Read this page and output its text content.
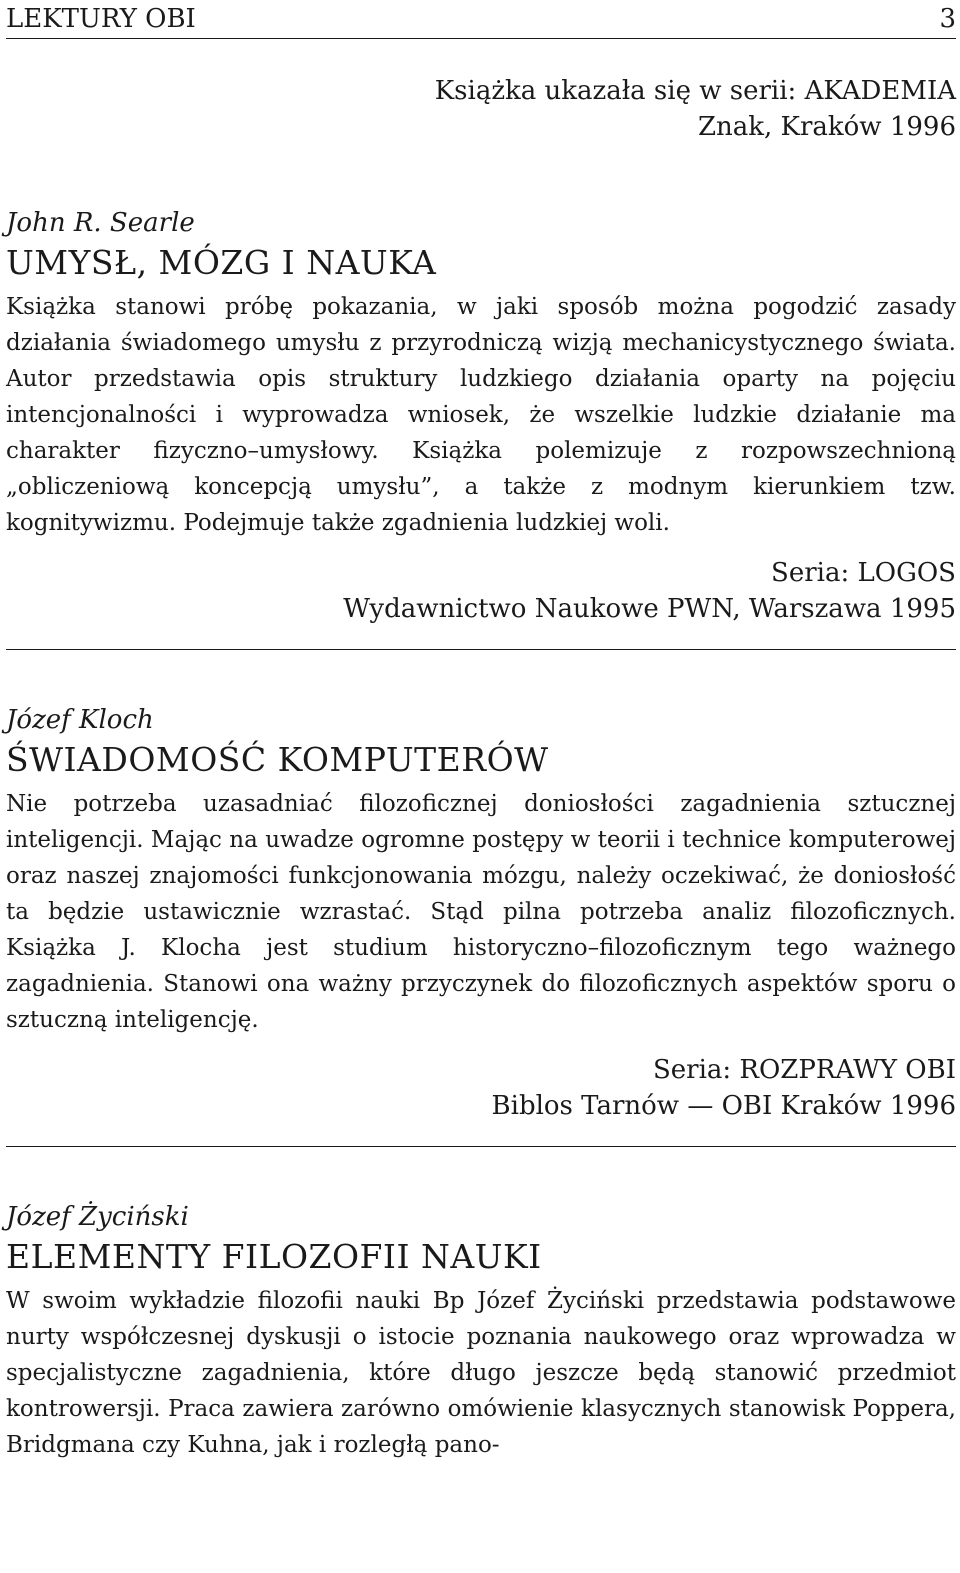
LEKTURY OBI	3
Książka ukazała się w serii: AKADEMIA
Znak, Kraków 1996
John R. Searle
UMYSŁ, MÓZG I NAUKA

Książka stanowi próbę pokazania, w jaki sposób można pogodzić zasady działania świadomego umysłu z przyrodniczą wizją mechanicystycznego świata. Autor przedstawia opis struktury ludzkiego działania oparty na pojęciu intencjonalności i wyprowadza wniosek, że wszelkie ludzkie działanie ma charakter fizyczno–umysłowy. Książka polemizuje z rozpowszechnioną „obliczeniową koncepcją umysłu”, a także z modnym kierunkiem tzw. kognitywizmu. Podejmuje także zgadnienia ludzkiej woli.

Seria: LOGOS
Wydawnictwo Naukowe PWN, Warszawa 1995
Józef Kloch
ŚWIADOMOŚĆ KOMPUTERÓW

Nie potrzeba uzasadniać filozoficznej doniosłości zagadnienia sztucznej inteligencji. Mając na uwadze ogromne postępy w teorii i technice komputerowej oraz naszej znajomości funkcjonowania mózgu, należy oczekiwać, że doniosłość ta będzie ustawicznie wzrastać. Stąd pilna potrzeba analiz filozoficznych. Książka J. Klocha jest studium historyczno–filozoficznym tego ważnego zagadnienia. Stanowi ona ważny przyczynek do filozoficznych aspektów sporu o sztuczną inteligencję.

Seria: ROZPRAWY OBI
Biblos Tarnów — OBI Kraków 1996
Józef Życiński
ELEMENTY FILOZOFII NAUKI

W swoim wykładzie filozofii nauki Bp Józef Życiński przedstawia podstawowe nurty współczesnej dyskusji o istocie poznania naukowego oraz wprowadza w specjalistyczne zagadnienia, które długo jeszcze będą stanowić przedmiot kontrowersji. Praca zawiera zarówno omówienie klasycznych stanowisk Poppera, Bridgmana czy Kuhna, jak i rozległą pano-
